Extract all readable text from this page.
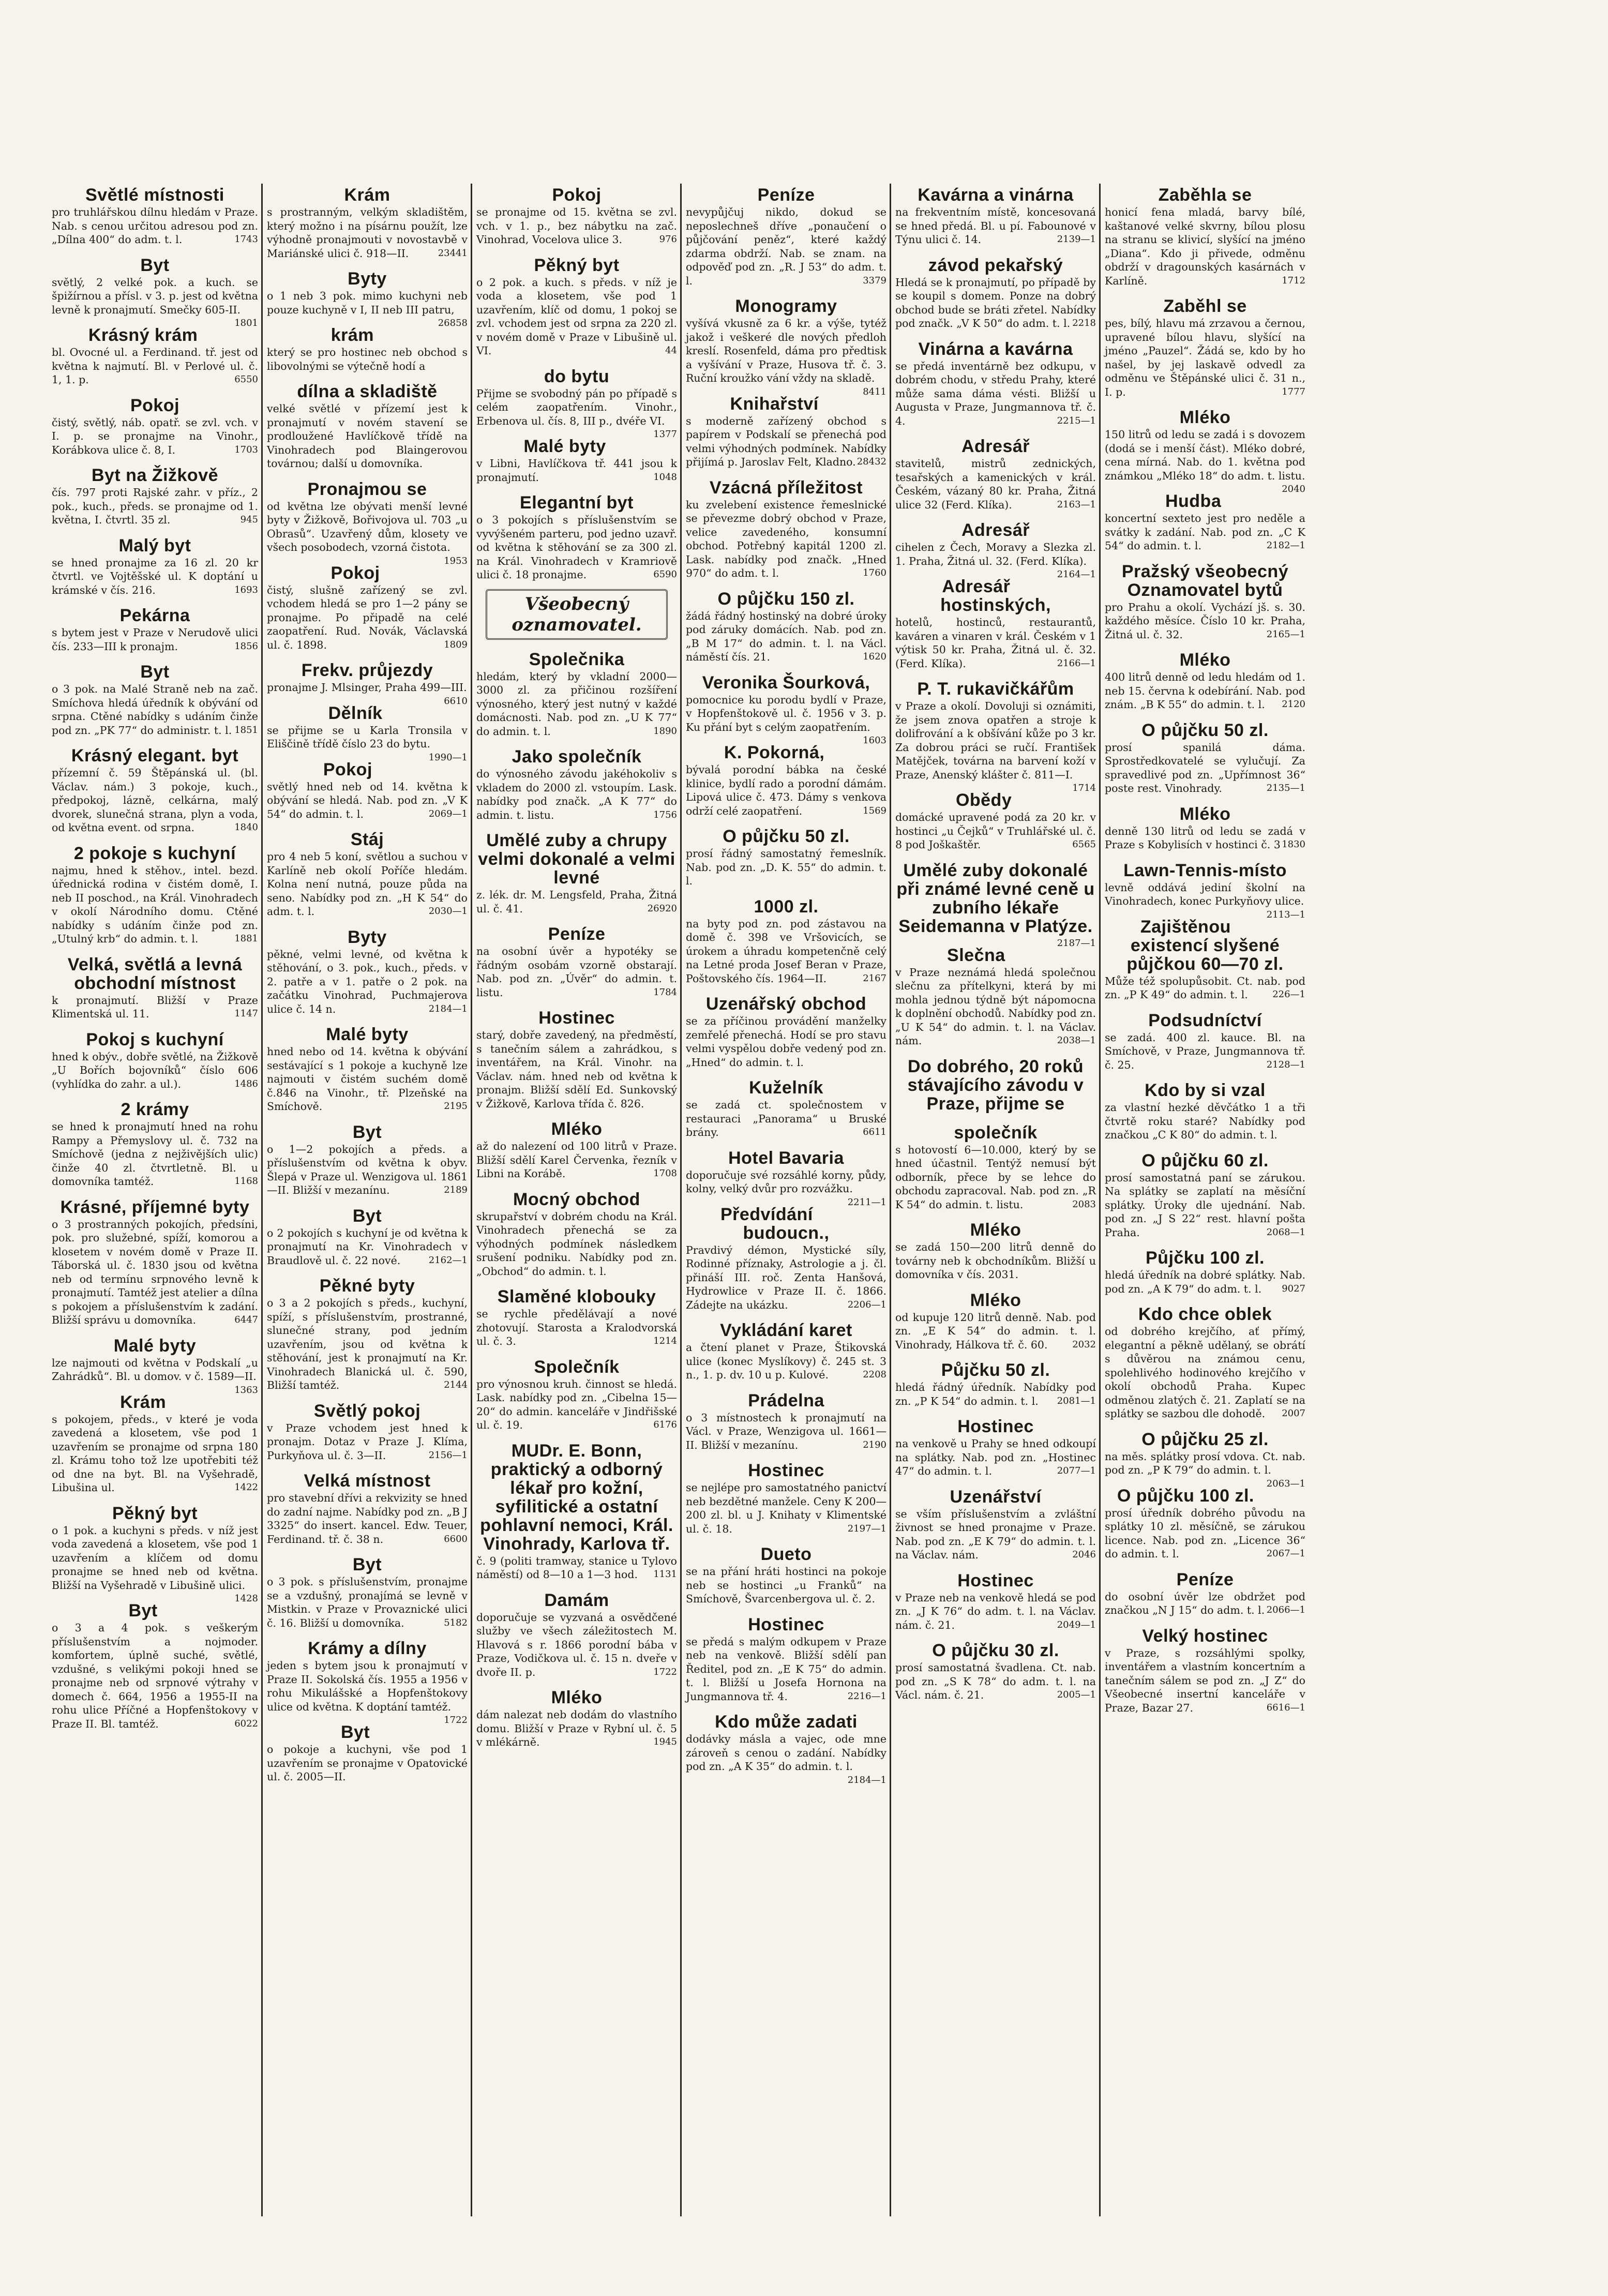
Světlé místnosti

pro truhlářskou dílnu hledám v Praze. Nab. s cenou určitou adresou pod zn. „Dílna 400“ do adm. t. l.	1743

Byt

světlý, 2 velké pok. a kuch. se špižírnou a přísl. v 3. p. jest od května levně k pronajmutí. Smečky 605-II.
1801

Krásný krám

bl. Ovocné ul. a Ferdinand. tř. jest od května k najmutí. Bl. v Perlové ul. č. 1, 1. p.	6550

Pokoj

čistý, světlý, náb. opatř. se zvl. vch. v I. p. se pronajme na Vinohr., Korábkova ulice č. 8, I.	1703

Byt na Žižkově

čís. 797 proti Rajské zahr. v příz., 2 pok., kuch., předs. se pronajme od 1. května, I. čtvrtl. 35 zl.	945

Malý byt

se hned pronajme za 16 zl. 20 kr čtvrtl. ve Vojtěšské ul. K doptání u krámské v čís. 216.	1693

Pekárna

s bytem jest v Praze v Nerudově ulici čís. 233—III k pronajm.	1856

Byt

o 3 pok. na Malé Straně neb na zač. Smíchova hledá úředník k obývání od srpna. Ctěné nabídky s udáním činže pod zn. „PK 77“ do administr. t. l. 1851

Krásný elegant. byt

přízemní č. 59 Štěpánská ul. (bl. Václav. nám.) 3 pokoje, kuch., předpokoj, lázně, celkárna, malý dvorek, slunečná strana, plyn a voda, od května event. od srpna.	1840

2 pokoje s kuchyní

najmu, hned k stěhov., intel. bezd. úřednická rodina v čistém domě, I. neb II poschod., na Král. Vinohradech v okolí Národního domu. Ctěné nabídky s udáním činže pod zn. „Utulný krb“ do admin. t. l.	1881

Velká, světlá a levná obchodní místnost

k pronajmutí. Bližší v Praze Klimentská ul. 11.	1147

Pokoj s kuchyní

hned k obýv., dobře světlé, na Žižkově „U Bořích bojovníků“ číslo 606 (vyhlídka do zahr. a ul.).	1486

2 krámy

se hned k pronajmutí hned na rohu Rampy a Přemyslovy ul. č. 732 na Smíchově (jedna z nejživějších ulic) činže 40 zl. čtvrtletně. Bl. u domovníka tamtéž.	1168

Krásné, příjemné byty

o 3 prostranných pokojích, předsíni, pok. pro služebné, spíží, komorou a klosetem v novém domě v Praze II. Táborská ul. č. 1830 jsou od května neb od termínu srpnového levně k pronajmutí. Tamtéž jest atelier a dílna s pokojem a příslušenstvím k zadání. Bližší správu u domovníka.	6447

Malé byty

lze najmouti od května v Podskalí „u Zahrádků“. Bl. u domov. v č. 1589—II.
1363

Krám

s pokojem, předs., v které je voda zavedená a klosetem, vše pod 1 uzavřením se pronajme od srpna 180 zl. Krámu toho tož lze upotřebiti též od dne na byt. Bl. na Vyšehradě, Libušina ul.	1422

Pěkný byt

o 1 pok. a kuchyni s předs. v níž jest voda zavedená a klosetem, vše pod 1 uzavřením a klíčem od domu pronajme se hned neb od května. Bližší na Vyšehradě v Libušině ulici.
1428

Byt

o 3 a 4 pok. s veškerým příslušenstvím a nojmoder. komfortem, úplně suché, světlé, vzdušné, s velikými pokoji hned se pronajme neb od srpnové výtrahy v domech č. 664, 1956 a 1955-II na rohu ulice Příčné a Hopfenštokovy v Praze II. Bl. tamtéž.	6022

Krám

s prostranným, velkým skladištěm, který možno i na písárnu použít, lze výhodně pronajmouti v novostavbě v Mariánské ulici č. 918—II.	23441

Byty

o 1 neb 3 pok. mimo kuchyni neb pouze kuchyně v I, II neb III patru,
26858

krám

který se pro hostinec neb obchod s libovolnými se výtečně hodí a

dílna a skladiště

velké světlé v přízemí jest k pronajmutí v novém stavení se prodloužené Havlíčkově třídě na Vinohradech pod Blaingerovou továrnou; další u domovníka.

Pronajmou se

od května lze obývati menší levné byty v Žižkově, Bořivojova ul. 703 „u Obrasů“. Uzavřený dům, klosety ve všech posobodech, vzorná čistota.
1953

Pokoj

čistý, slušně zařízený se zvl. vchodem hledá se pro 1—2 pány se pronajme. Po připadě na celé zaopatření. Rud. Novák, Václavská ul. č. 1898.	1809

Frekv. průjezdy

pronajme J. Mlsinger, Praha 499—III.
6610

Dělník

se přijme se u Karla Tronsila v Eliščině třídě číslo 23 do bytu.
1990—1

Pokoj

světlý hned neb od 14. května k obývání se hledá. Nab. pod zn. „V K 54“ do admin. t. l.	2069—1

Stáj

pro 4 neb 5 koní, světlou a suchou v Karlíně neb okolí Poříče hledám. Kolna není nutná, pouze půda na seno. Nabídky pod zn. „H K 54“ do adm. t. l.	2030—1

Byty

pěkné, velmi levné, od května k stěhování, o 3. pok., kuch., předs. v 2. patře a v 1. patře o 2 pok. na začátku Vinohrad, Puchmajerova ulice č. 14 n.	2184—1

Malé byty

hned nebo od 14. května k obývání sestávající s 1 pokoje a kuchyně lze najmouti v čistém suchém domě č.846 na Vinohr., tř. Plzeňské na Smíchově.	2195

Byt

o 1—2 pokojích a předs. a příslušenstvím od května k obyv. Šlepá v Praze ul. Wenzigova ul. 1861—II. Bližší v mezanínu.	2189

Byt

o 2 pokojích s kuchyní je od května k pronajmutí na Kr. Vinohradech v Braudlově ul. č. 22 nové.	2162—1

Pěkné byty

o 3 a 2 pokojích s předs., kuchyní, spíží, s příslušenstvím, prostranné, slunečné strany, pod jedním uzavřením, jsou od května k stěhování, jest k pronajmutí na Kr. Vinohradech Blanická ul. č. 590, Bližší tamtéž.	2144

Světlý pokoj

v Praze vchodem jest hned k pronajm. Dotaz v Praze J. Klíma, Purkyňova ul. č. 3—II.	2156—1

Velká místnost

pro stavební dřívi a rekvizity se hned do zadní najme. Nabídky pod zn. „B J 3325“ do insert. kancel. Edw. Teuer, Ferdinand. tř. č. 38 n.	6600

Byt

o 3 pok. s příslušenstvím, pronajme se a vzdušný, pronajímá se levně v Mistkin. v Praze v Provaznické ulici č. 16. Bližší u domovníka.	5182

Krámy a dílny

jeden s bytem jsou k pronajmutí v Praze II. Sokolská čís. 1955 a 1956 v rohu Mikulášské a Hopfenštokovy ulice od května. K doptání tamtéž.
1722

Byt

o pokoje a kuchyni, vše pod 1 uzavřením se pronajme v Opatovické ul. č. 2005—II.

Pokoj

se pronajme od 15. května se zvl. vch. v 1. p., bez nábytku na zač. Vinohrad, Vocelova ulice 3.	976

Pěkný byt

o 2 pok. a kuch. s předs. v níž je voda a klosetem, vše pod 1 uzavřením, klíč od domu, 1 pokoj se zvl. vchodem jest od srpna za 220 zl. v novém domě v Praze v Libušině ul. VI.	44

do bytu

Přijme se svobodný pán po případě s celém zaopatřením. Vinohr., Erbenova ul. čís. 8, III p., dvéře VI.
1377

Malé byty

v Libni, Havlíčkova tř. 441 jsou k pronajmutí.	1048

Elegantní byt

o 3 pokojích s příslušenstvím se vyvýšeném parteru, pod jedno uzavř. od května k stěhování se za 300 zl. na Král. Vinohradech v Kramriově ulici č. 18 pronajme.	6590

Všeobecný oznamovatel.
Společnika

hledám, který by vkladní 2000—3000 zl. za přičinou rozšíření výnosného, který jest nutný v každé domácnosti. Nab. pod zn. „U K 77“ do admin. t. l.	1890

Jako společník

do výnosného závodu jakéhokoliv s vkladem do 2000 zl. vstoupím. Lask. nabídky pod značk. „A K 77“ do admin. t. listu.	1756

Umělé zuby a chrupy velmi dokonalé a velmi levné

z. lék. dr. M. Lengsfeld, Praha, Žitná ul. č. 41.	26920

Peníze

na osobní úvěr a hypotéky se řádným osobám vzorně obstarají. Nab. pod zn. „Úvěr“ do admin. t. listu.	1784

Hostinec

starý, dobře zavedený, na předměstí, s tanečním sálem a zahrádkou, s inventářem, na Král. Vinohr. na Václav. nám. hned neb od května k pronajm. Bližší sdělí Ed. Sunkovský v Žižkově, Karlova třída č. 826.

Mléko

až do nalezení od 100 litrů v Praze. Bližší sdělí Karel Červenka, řezník v Libni na Korábě.	1708

Mocný obchod

skrupařství v dobrém chodu na Král. Vinohradech přenechá se za výhodných podmínek následkem srušení podniku. Nabídky pod zn. „Obchod“ do admin. t. l.

Slaměné klobouky

se rychle předělávají a nové zhotovují. Starosta a Kralodvorská ul. č. 3.	1214

Společník

pro výnosnou kruh. činnost se hledá. Lask. nabídky pod zn. „Cibelna 15—20“ do admin. kanceláře v Jindřišské ul. č. 19.	6176

MUDr. E. Bonn, praktický a odborný lékař pro kožní, syfilitické a ostatní pohlavní nemoci, Král. Vinohrady, Karlova tř.

č. 9 (politi tramway, stanice u Tylovo náměstí) od 8—10 a 1—3 hod. 1131

Damám

doporučuje se vyzvaná a osvědčené služby ve všech záležitostech M. Hlavová s r. 1866 porodní bába v Praze, Vodičkova ul. č. 15 n. dveře v dvoře II. p.	1722

Mléko

dám nalezat neb dodám do vlastního domu. Bližší v Praze v Rybní ul. č. 5 v mlékárně.	1945

Peníze

nevypůjčuj nikdo, dokud se neposlechneš dříve „ponaučení o půjčování peněz“, které každý zdarma obdrží. Nab. se znam. na odpověď pod zn. „R. J 53“ do adm. t. l.	3379

Monogramy

vyšívá vkusně za 6 kr. a výše, tytéž jakož i veškeré dle nových předloh kreslí. Rosenfeld, dáma pro předtisk a vyšívání v Praze, Husova tř. č. 3. Ruční kroužko vání vždy na skladě.
8411

Knihařství

s moderně zařízený obchod s papírem v Podskalí se přenechá pod velmi výhodných podmínek. Nabídky přijímá p. Jaroslav Felt, Kladno. 28432

Vzácná příležitost

ku zvelebení existence řemeslnické se převezme dobrý obchod v Praze, velice zavedeného, konsumní obchod. Potřebný kapitál 1200 zl. Lask. nabídky pod značk. „Hned 970“ do adm. t. l.	1760

O půjčku 150 zl.

žádá řádný hostinský na dobré úroky pod záruky domácích. Nab. pod zn. „B M 17“ do admin. t. l. na Václ. náměstí čís. 21.	1620

Veronika Šourková,

pomocnice ku porodu bydlí v Praze, v Hopfenštokově ul. č. 1956 v 3. p. Ku přání byt s celým zaopatřením.
1603

K. Pokorná,

bývalá porodní bábka na české klinice, bydlí rado a porodní dámám. Lipová ulice č. 473. Dámy s venkova održí celé zaopatření.	1569

O půjčku 50 zl.

prosí řádný samostatný řemeslník. Nab. pod zn. „D. K. 55“ do admin. t. l.

1000 zl.

na byty pod zn. pod zástavou na domě č. 398 ve Vršovicích, se úrokem a úhradu kompetenčně celý na Letné proda Josef Beran v Praze, Poštovského čís. 1964—II.	2167

Uzenářský obchod

se za příčinou provádění manželky zemřelé přenechá. Hodí se pro stavu velmi vyspělou dobře vedený pod zn. „Hned“ do admin. t. l.

Kuželník

se zadá ct. společnostem v restauraci „Panorama“ u Bruské brány.	6611

Hotel Bavaria

doporučuje své rozsáhlé korny, půdy, kolny, velký dvůr pro rozvážku.
2211—1

Předvídání budoucn.,

Pravdivý démon, Mystické síly, Rodinné příznaky, Astrologie a j. čl. přináší III. roč. Zenta Hanšová, Hydrowlice v Praze II. č. 1866. Zádejte na ukázku.	2206—1

Vykládání karet

a čtení planet v Praze, Štikovská ulice (konec Myslíkovy) č. 245 st. 3 n., 1. p. dv. 10 u p. Kulové.	2208

Prádelna

o 3 místnostech k pronajmutí na Václ. v Praze, Wenzigova ul. 1661—II. Bližší v mezanínu.	2190

Hostinec

se nejlépe pro samostatného panictví neb bezdětné manžele. Ceny K 200—200 zl. bl. u J. Knihaty v Klimentské ul. č. 18.	2197—1

Dueto

se na přání hráti hostinci na pokoje neb se hostinci „u Franků“ na Smíchově, Švarcenbergova ul. č. 2.

Hostinec

se předá s malým odkupem v Praze neb na venkově. Bližší sdělí pan Ředitel, pod zn. „E K 75“ do admin. t. l. Bližší u Josefa Hornona na Jungmannova tř. 4.	2216—1

Kdo může zadati

dodávky másla a vajec, ode mne zároveň s cenou o zadání. Nabídky pod zn. „A K 35“ do admin. t. l.
2184—1

Kavárna a vinárna

na frekventním místě, koncesovaná se hned předá. Bl. u pí. Fabounové v Týnu ulici č. 14.	2139—1

závod pekařský

Hledá se k pronajmutí, po případě by se koupil s domem. Ponze na dobrý obchod bude se bráti zřetel. Nabídky pod značk. „V K 50“ do adm. t. l. 2218

Vinárna a kavárna

se předá inventárně bez odkupu, v dobrém chodu, v středu Prahy, které může sama dáma vésti. Bližší u Augusta v Praze, Jungmannova tř. č. 4.	2215—1

Adresář

stavitelů, mistrů zednických, tesařských a kamenických v král. Českém, vázaný 80 kr. Praha, Žitná ulice 32 (Ferd. Klíka).	2163—1

Adresář

cihelen z Čech, Moravy a Slezka zl. 1. Praha, Žitná ul. 32. (Ferd. Klíka).
2164—1

Adresář hostinských,

hotelů, hostinců, restaurantů, kaváren a vinaren v král. Českém v 1 výtisk 50 kr. Praha, Žitná ul. č. 32. (Ferd. Klíka).	2166—1

P. T. rukavičkářům

v Praze a okolí. Dovoluji si oznámiti, že jsem znova opatřen a stroje k dolifrování a k obšívání kůže po 3 kr. Za dobrou práci se ručí. František Matějček, továrna na barvení koží v Praze, Anenský klášter č. 811—I.
1714

Obědy

domácké upravené podá za 20 kr. v hostinci „u Čejků“ v Truhlářské ul. č. 8 pod Joškaštěr.	6565

Umělé zuby dokonalé při známé levné ceně u zubního lékaře Seidemanna v Platýze.

2187—1

Slečna

v Praze neznámá hledá společnou slečnu za přítelkyni, která by mi mohla jednou týdně být nápomocna k doplnění obchodů. Nabídky pod zn. „U K 54“ do admin. t. l. na Václav. nám.	2038—1

Do dobrého, 20 roků stávajícího závodu v Praze, přijme se

společník

s hotovostí 6—10.000, který by se hned účastnil. Tentýž nemusí být odborník, přece by se lehce do obchodu zapracoval. Nab. pod zn. „R K 54“ do admin. t. listu.	2083

Mléko

se zadá 150—200 litrů denně do továrny neb k obchodníkům. Bližší u domovníka v čís. 2031.

Mléko

od kupuje 120 litrů denně. Nab. pod zn. „E K 54“ do admin. t. l. Vinohrady, Hálkova tř. č. 60.	2032

Půjčku 50 zl.

hledá řádný úředník. Nabídky pod zn. „P K 54“ do admin. t. l. 2081—1

Hostinec

na venkově u Prahy se hned odkoupí na splátky. Nab. pod zn. „Hostinec 47“ do admin. t. l.	2077—1

Uzenářství

se vším příslušenstvím a zvláštní živnost se hned pronajme v Praze. Nab. pod zn. „E K 79“ do admin. t. l. na Václav. nám.	2046

Hostinec

v Praze neb na venkově hledá se pod zn. „J K 76“ do adm. t. l. na Václav. nám. č. 21.	2049—1

O půjčku 30 zl.

prosí samostatná švadlena. Ct. nab. pod zn. „S K 78“ do adm. t. l. na Václ. nám. č. 21.	2005—1

Zaběhla se

honicí fena mladá, barvy bílé, kaštanové velké skvrny, bílou plosu na stranu se klivicí, slyšící na jméno „Diana“. Kdo ji přivede, odměnu obdrží v dragounských kasárnách v Karlíně.	1712

Zaběhl se

pes, bílý, hlavu má zrzavou a černou, upravené bílou hlavu, slyšící na jméno „Pauzel“. Žádá se, kdo by ho našel, by jej laskavě odvedl za odměnu ve Štěpánské ulici č. 31 n., I. p.	1777

Mléko

150 litrů od ledu se zadá i s dovozem (dodá se i menší část). Mléko dobré, cena mírná. Nab. do 1. května pod známkou „Mléko 18“ do adm. t. listu.
2040

Hudba

koncertní sexteto jest pro neděle a svátky k zadání. Nab. pod zn. „C K 54“ do admin. t. l.	2182—1

Pražský všeobecný Oznamovatel bytů

pro Prahu a okolí. Vychází jš. s. 30. každého měsíce. Číslo 10 kr. Praha, Žitná ul. č. 32.	2165—1

Mléko

400 litrů denně od ledu hledám od 1. neb 15. června k odebírání. Nab. pod znám. „B K 55“ do admin. t. l. 2120

O půjčku 50 zl.

prosí spanilá dáma. Sprostředkovatelé se vylučují. Za spravedlivé pod zn. „Upřímnost 36“ poste rest. Vinohrady.	2135—1

Mléko

denně 130 litrů od ledu se zadá v Praze s Kobylisích v hostinci č. 3 1830

Lawn-Tennis-místo

levně oddává jediní školní na Vinohradech, konec Purkyňovy ulice.
2113—1

Zajištěnou existencí slyšené půjčkou 60—70 zl.

Může též spolupůsobit. Ct. nab. pod zn. „P K 49“ do admin. t. l.	226—1

Podsudníctví

se zadá. 400 zl. kauce. Bl. na Smíchově, v Praze, Jungmannova tř. č. 25.	2128—1

Kdo by si vzal

za vlastní hezké děvčátko 1 a tři čtvrtě roku staré? Nabídky pod značkou „C K 80“ do admin. t. l.

O půjčku 60 zl.

prosí samostatná paní se zárukou. Na splátky se zaplatí na měsíční splátky. Úroky dle ujednání. Nab. pod zn. „J S 22“ rest. hlavní pošta Praha.	2068—1

Půjčku 100 zl.

hledá úředník na dobré splátky. Nab. pod zn. „A K 79“ do adm. t. l. 9027

Kdo chce oblek

od dobrého krejčího, ať přímý, elegantní a pěkně udělaný, se obrátí s důvěrou na známou cenu, spolehlivého hodinového krejčího v okolí obchodů Praha. Kupec odměnou zlatých č. 21. Zaplatí se na splátky se sazbou dle dohodě. 2007

O půjčku 25 zl.

na měs. splátky prosí vdova. Ct. nab. pod zn. „P K 79“ do admin. t. l.
2063—1

O půjčku 100 zl.

prosí úředník dobrého původu na splátky 10 zl. měsíčně, se zárukou licence. Nab. pod zn. „Licence 36“ do admin. t. l.	2067—1

Peníze

do osobní úvěr lze obdržet pod značkou „N J 15“ do adm. t. l. 2066—1

Velký hostinec

v Praze, s rozsáhlými spolky, inventářem a vlastním koncertním a tanečním sálem se pod zn. „J Z“ do Všeobecné insertní kanceláře v Praze, Bazar 27.	6616—1
